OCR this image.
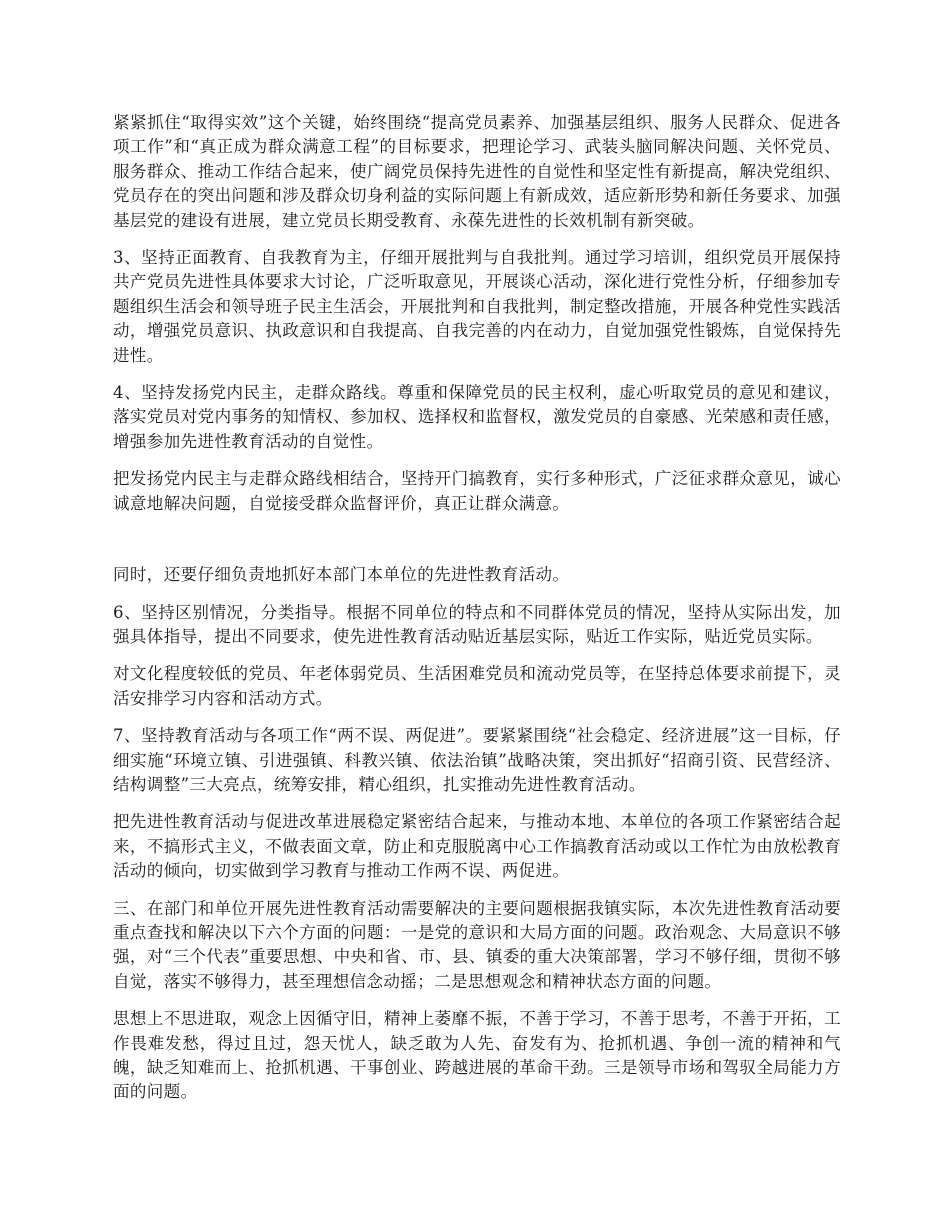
紧紧抓住“取得实效”这个关键，始终围绕“提高党员素养、加强基层组织、服务人民群众、促进各项工作”和“真正成为群众满意工程”的目标要求，把理论学习、武装头脑同解决问题、关怀党员、服务群众、推动工作结合起来，使广阔党员保持先进性的自觉性和坚定性有新提高，解决党组织、党员存在的突出问题和涉及群众切身利益的实际问题上有新成效，适应新形势和新任务要求、加强基层党的建设有进展，建立党员长期受教育、永葆先进性的长效机制有新突破。

3、坚持正面教育、自我教育为主，仔细开展批判与自我批判。通过学习培训，组织党员开展保持共产党员先进性具体要求大讨论，广泛听取意见，开展谈心活动，深化进行党性分析，仔细参加专题组织生活会和领导班子民主生活会，开展批判和自我批判，制定整改措施，开展各种党性实践活动，增强党员意识、执政意识和自我提高、自我完善的内在动力，自觉加强党性锻炼，自觉保持先进性。

4、坚持发扬党内民主，走群众路线。尊重和保障党员的民主权利，虚心听取党员的意见和建议，落实党员对党内事务的知情权、参加权、选择权和监督权，激发党员的自豪感、光荣感和责任感，增强参加先进性教育活动的自觉性。

把发扬党内民主与走群众路线相结合，坚持开门搞教育，实行多种形式，广泛征求群众意见，诚心诚意地解决问题，自觉接受群众监督评价，真正让群众满意。

同时，还要仔细负责地抓好本部门本单位的先进性教育活动。

6、坚持区别情况，分类指导。根据不同单位的特点和不同群体党员的情况，坚持从实际出发，加强具体指导，提出不同要求，使先进性教育活动贴近基层实际，贴近工作实际，贴近党员实际。

对文化程度较低的党员、年老体弱党员、生活困难党员和流动党员等，在坚持总体要求前提下，灵活安排学习内容和活动方式。

7、坚持教育活动与各项工作“两不误、两促进”。要紧紧围绕“社会稳定、经济进展”这一目标，仔细实施“环境立镇、引进强镇、科教兴镇、依法治镇”战略决策，突出抓好“招商引资、民营经济、结构调整”三大亮点，统筹安排，精心组织，扎实推动先进性教育活动。

把先进性教育活动与促进改革进展稳定紧密结合起来，与推动本地、本单位的各项工作紧密结合起来，不搞形式主义，不做表面文章，防止和克服脱离中心工作搞教育活动或以工作忙为由放松教育活动的倾向，切实做到学习教育与推动工作两不误、两促进。

三、在部门和单位开展先进性教育活动需要解决的主要问题根据我镇实际，本次先进性教育活动要重点查找和解决以下六个方面的问题：一是党的意识和大局方面的问题。政治观念、大局意识不够强，对“三个代表”重要思想、中央和省、市、县、镇委的重大决策部署，学习不够仔细，贯彻不够自觉，落实不够得力，甚至理想信念动摇；二是思想观念和精神状态方面的问题。

思想上不思进取，观念上因循守旧，精神上萎靡不振，不善于学习，不善于思考，不善于开拓，工作畏难发愁，得过且过，怨天忧人，缺乏敢为人先、奋发有为、抢抓机遇、争创一流的精神和气魄，缺乏知难而上、抢抓机遇、干事创业、跨越进展的革命干劲。三是领导市场和驾驭全局能力方面的问题。
